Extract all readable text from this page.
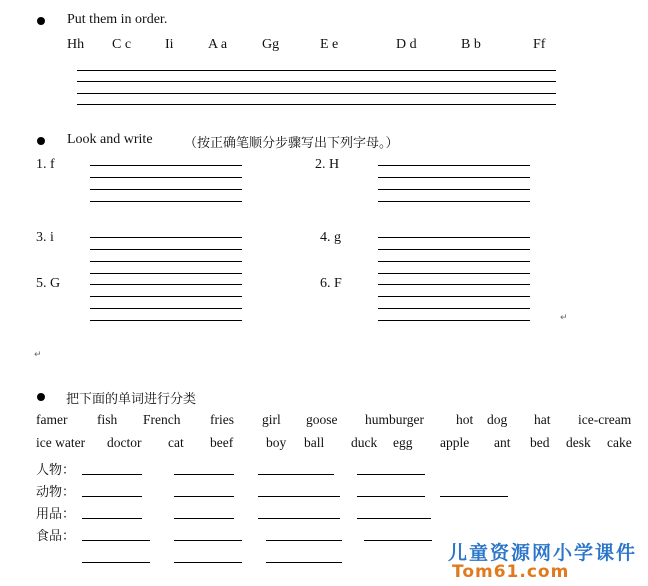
Put them in order.
Hh C c Ii A a Gg	E e	D d	B b	Ff
Look and write （按正确笔顺分步骤写出下列字母。）
1. f	2. H
3. i	4. g
5. G	6. F
↵
↵
把下面的单词进行分类
famer fish French fries girl goose humburger hot dog hat ice-cream
ice water doctor cat beef boy ball duck egg apple ant bed desk cake
人物：
动物：
用品：
食品：
儿童资源网小学课件
Tom61.com
